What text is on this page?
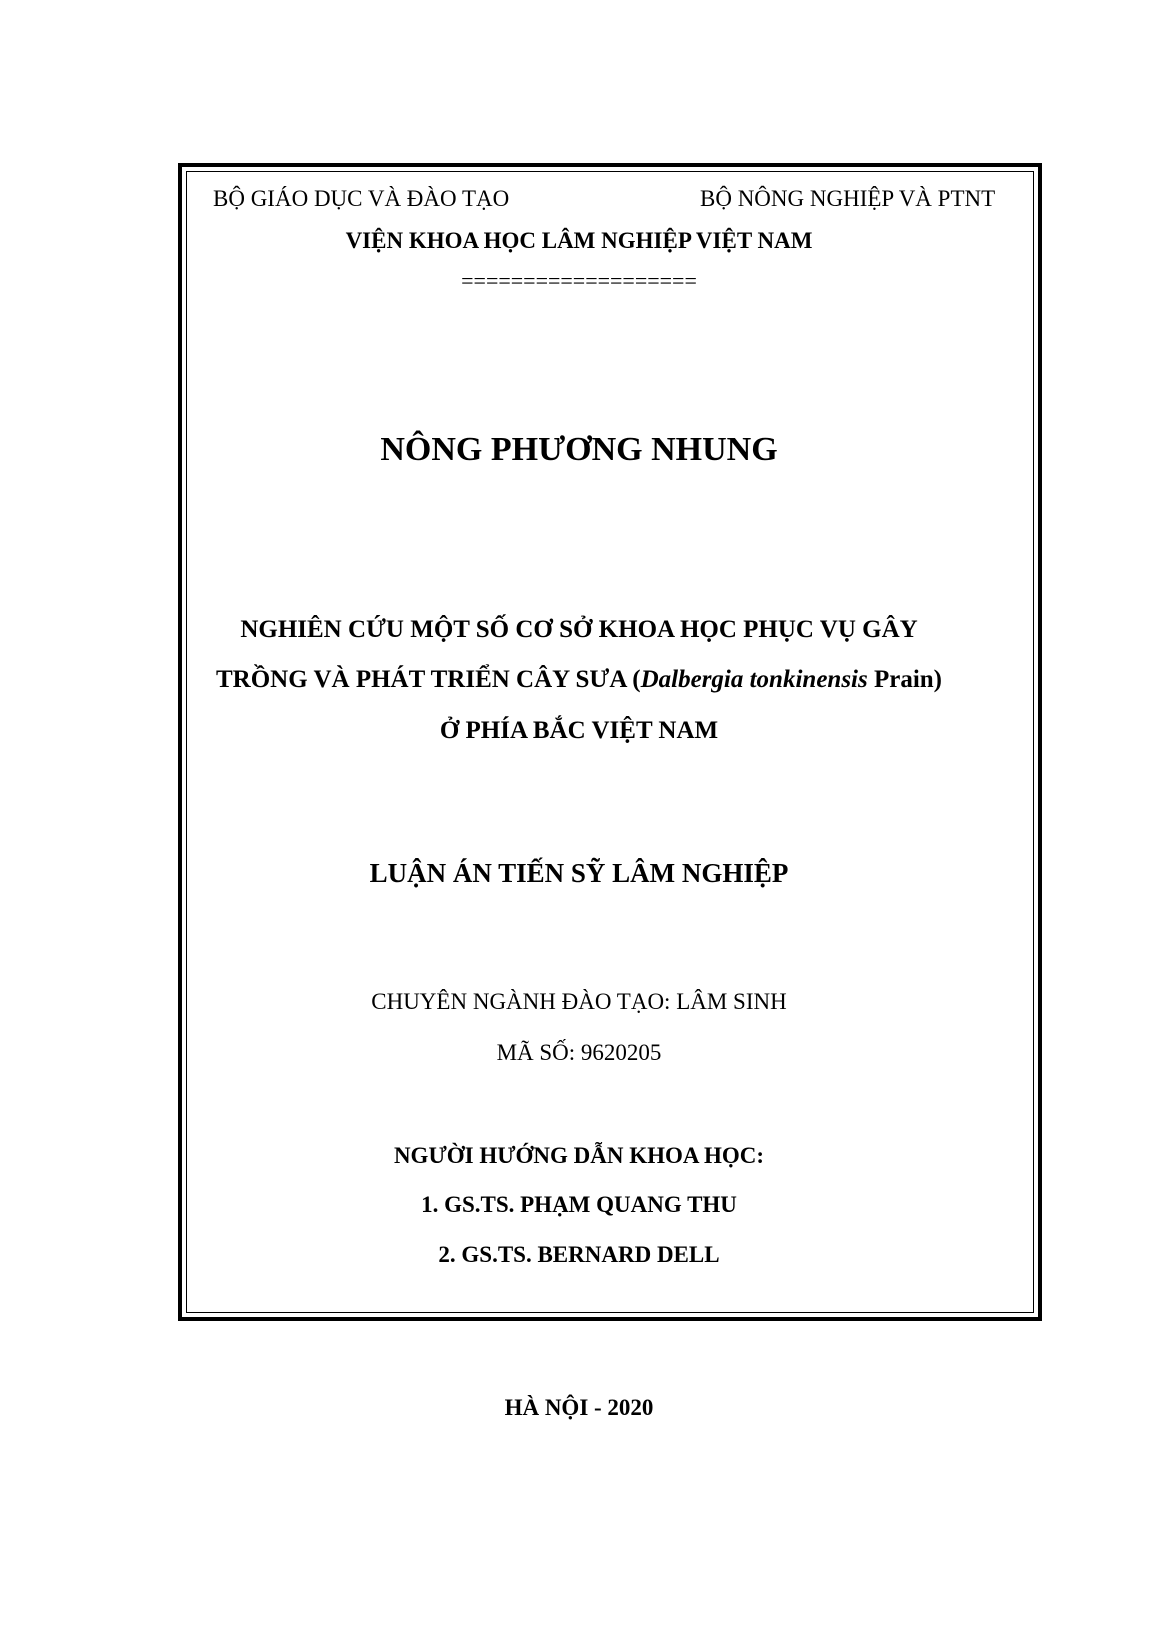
BỘ GIÁO DỤC VÀ ĐÀO TẠO	BỘ NÔNG NGHIỆP VÀ PTNT
VIỆN KHOA HỌC LÂM NGHIỆP VIỆT NAM
===================
NÔNG PHƯƠNG NHUNG
NGHIÊN CỨU MỘT SỐ CƠ SỞ KHOA HỌC PHỤC VỤ GÂY
TRỒNG VÀ PHÁT TRIỂN CÂY SƯA (Dalbergia tonkinensis Prain)
Ở PHÍA BẮC VIỆT NAM
LUẬN ÁN TIẾN SỸ LÂM NGHIỆP
CHUYÊN NGÀNH ĐÀO TẠO: LÂM SINH
MÃ SỐ: 9620205
NGƯỜI HƯỚNG DẪN KHOA HỌC:
1. GS.TS. PHẠM QUANG THU
2. GS.TS. BERNARD DELL
HÀ NỘI - 2020
